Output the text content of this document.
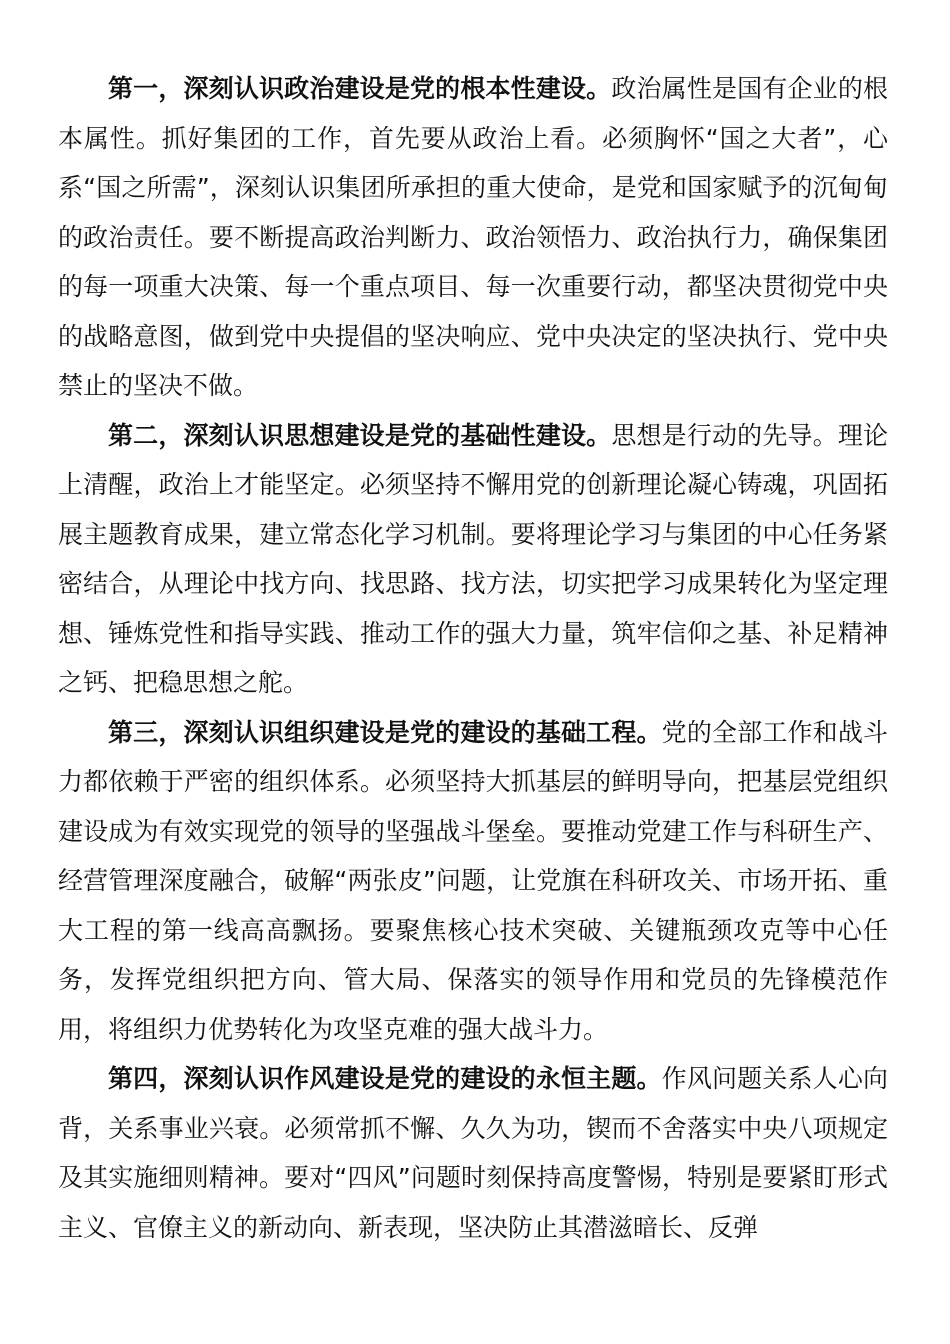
第一，深刻认识政治建设是党的根本性建设。政治属性是国有企业的根本属性。抓好集团的工作，首先要从政治上看。必须胸怀“国之大者”，心系“国之所需”，深刻认识集团所承担的重大使命，是党和国家赋予的沉甸甸的政治责任。要不断提高政治判断力、政治领悟力、政治执行力，确保集团的每一项重大决策、每一个重点项目、每一次重要行动，都坚决贯彻党中央的战略意图，做到党中央提倡的坚决响应、党中央决定的坚决执行、党中央禁止的坚决不做。

第二，深刻认识思想建设是党的基础性建设。思想是行动的先导。理论上清醒，政治上才能坚定。必须坚持不懈用党的创新理论凝心铸魂，巩固拓展主题教育成果，建立常态化学习机制。要将理论学习与集团的中心任务紧密结合，从理论中找方向、找思路、找方法，切实把学习成果转化为坚定理想、锤炼党性和指导实践、推动工作的强大力量，筑牢信仰之基、补足精神之钙、把稳思想之舵。

第三，深刻认识组织建设是党的建设的基础工程。党的全部工作和战斗力都依赖于严密的组织体系。必须坚持大抓基层的鲜明导向，把基层党组织建设成为有效实现党的领导的坚强战斗堡垒。要推动党建工作与科研生产、经营管理深度融合，破解“两张皮”问题，让党旗在科研攻关、市场开拓、重大工程的第一线高高飘扬。要聚焦核心技术突破、关键瓶颈攻克等中心任务，发挥党组织把方向、管大局、保落实的领导作用和党员的先锋模范作用，将组织力优势转化为攻坚克难的强大战斗力。

第四，深刻认识作风建设是党的建设的永恒主题。作风问题关系人心向背，关系事业兴衰。必须常抓不懈、久久为功，锲而不舍落实中央八项规定及其实施细则精神。要对“四风”问题时刻保持高度警惕，特别是要紧盯形式主义、官僚主义的新动向、新表现，坚决防止其潜滋暗长、反弹
